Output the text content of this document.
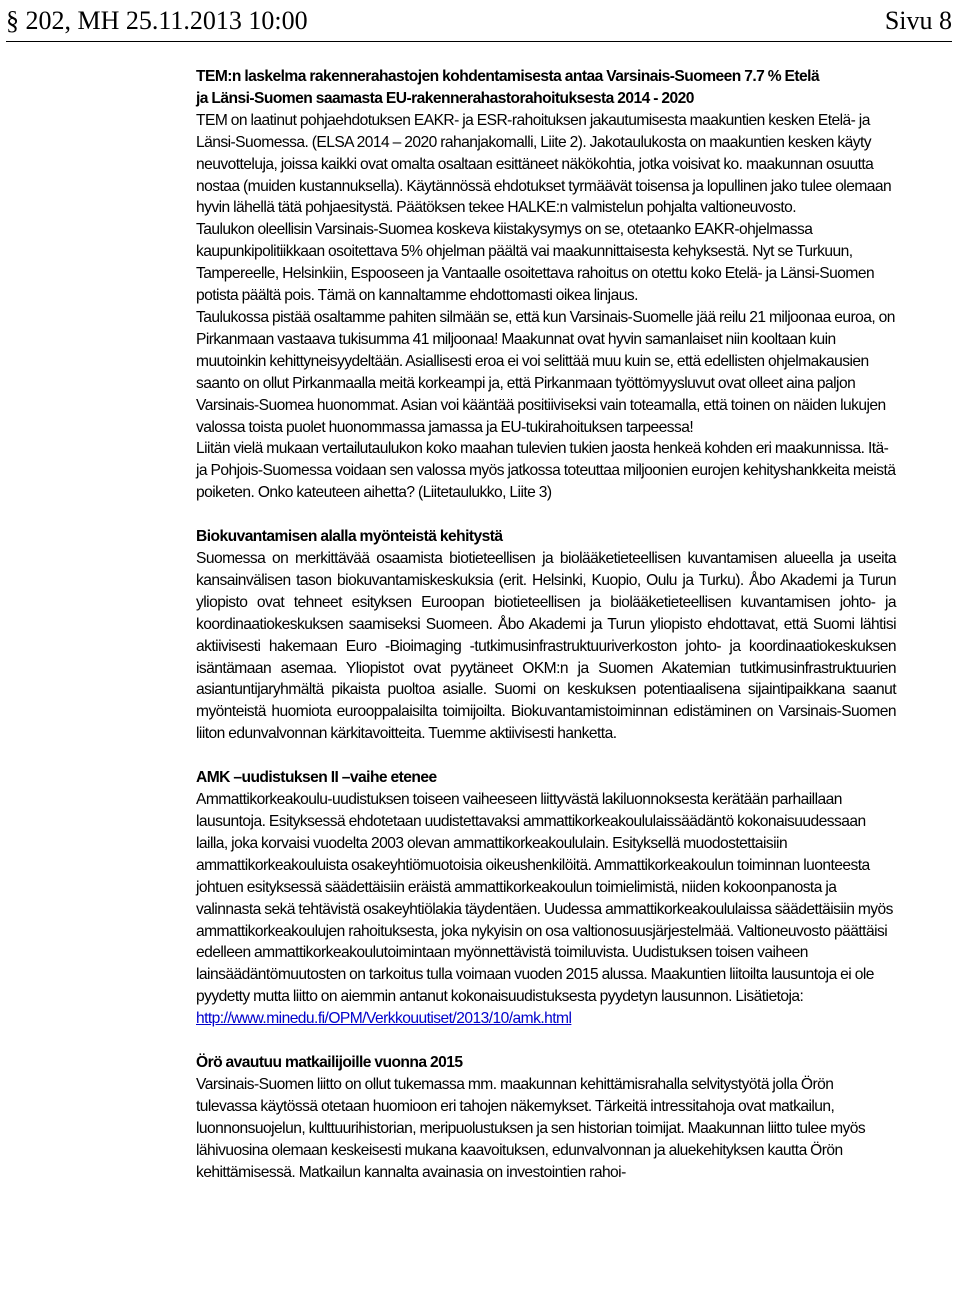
§ 202, MH 25.11.2013 10:00	Sivu 8

TEM:n laskelma rakennerahastojen kohdentamisesta antaa Varsinais-Suomeen 7.7 % Etelä

ja Länsi-Suomen saamasta EU-rakennerahastorahoituksesta 2014 - 2020

TEM on laatinut pohjaehdotuksen EAKR- ja ESR-rahoituksen jakautumisesta maakuntien kesken Etelä- ja Länsi-Suomessa. (ELSA 2014 – 2020 rahanjakomalli, Liite 2). Jakotaulukosta on maakuntien kesken käyty neuvotteluja, joissa kaikki ovat omalta osaltaan esittäneet näkökohtia, jotka voisivat ko. maakunnan osuutta nostaa (muiden kustannuksella). Käytännössä ehdotukset tyrmäävät toisensa ja lopullinen jako tulee olemaan hyvin lähellä tätä pohjaesitystä. Päätöksen tekee HALKE:n valmistelun pohjalta valtioneuvosto.

Taulukon oleellisin Varsinais-Suomea koskeva kiistakysymys on se, otetaanko EAKR-ohjelmassa kaupunkipolitiikkaan osoitettava 5% ohjelman päältä vai maakunnittaisesta kehyksestä. Nyt se Turkuun, Tampereelle, Helsinkiin, Espooseen ja Vantaalle osoitettava rahoitus on otettu koko Etelä- ja Länsi-Suomen potista päältä pois. Tämä on kannaltamme ehdottomasti oikea linjaus.

Taulukossa pistää osaltamme pahiten silmään se, että kun Varsinais-Suomelle jää reilu 21 miljoonaa euroa, on Pirkanmaan vastaava tukisumma 41 miljoonaa! Maakunnat ovat hyvin samanlaiset niin kooltaan kuin muutoinkin kehittyneisyydeltään. Asiallisesti eroa ei voi selittää muu kuin se, että edellisten ohjelmakausien saanto on ollut Pirkanmaalla meitä korkeampi ja, että Pirkanmaan työttömyysluvut ovat olleet aina paljon Varsinais-Suomea huonommat. Asian voi kääntää positiiviseksi vain toteamalla, että toinen on näiden lukujen valossa toista puolet huonommassa jamassa ja EU-tukirahoituksen tarpeessa!

Liitän vielä mukaan vertailutaulukon koko maahan tulevien tukien jaosta henkeä kohden eri maakunnissa. Itä- ja Pohjois-Suomessa voidaan sen valossa myös jatkossa toteuttaa miljoonien eurojen kehityshankkeita meistä poiketen. Onko kateuteen aihetta? (Liitetaulukko, Liite 3)

Biokuvantamisen alalla myönteistä kehitystä

Suomessa on merkittävää osaamista biotieteellisen ja biolääketieteellisen kuvantamisen alueella ja useita kansainvälisen tason biokuvantamiskeskuksia (erit. Helsinki, Kuopio, Oulu ja Turku). Åbo Akademi ja Turun yliopisto ovat tehneet esityksen Euroopan biotieteellisen ja biolääketieteellisen kuvantamisen johto- ja koordinaatiokeskuksen saamiseksi Suomeen. Åbo Akademi ja Turun yliopisto ehdottavat, että Suomi lähtisi aktiivisesti hakemaan Euro -Bioimaging -tutkimusinfrastruktuuriverkoston johto- ja koordinaatiokeskuksen isäntämaan asemaa. Yliopistot ovat pyytäneet OKM:n ja Suomen Akatemian tutkimusinfrastruktuurien asiantuntijaryhmältä pikaista puoltoa asialle. Suomi on keskuksen potentiaalisena sijaintipaikkana saanut myönteistä huomiota eurooppalaisilta toimijoilta. Biokuvantamistoiminnan edistäminen on Varsinais-Suomen liiton edunvalvonnan kärkitavoitteita. Tuemme aktiivisesti hanketta.

AMK –uudistuksen II –vaihe etenee

Ammattikorkeakoulu-uudistuksen toiseen vaiheeseen liittyvästä lakiluonnoksesta kerätään parhaillaan lausuntoja. Esityksessä ehdotetaan uudistettavaksi ammattikorkeakoululaissäädäntö kokonaisuudessaan lailla, joka korvaisi vuodelta 2003 olevan ammattikorkeakoululain. Esityksellä muodostettaisiin ammattikorkeakouluista osakeyhtiömuotoisia oikeushenkilöitä. Ammattikorkeakoulun toiminnan luonteesta johtuen esityksessä säädettäisiin eräistä ammattikorkeakoulun toimielimistä, niiden kokoonpanosta ja valinnasta sekä tehtävistä osakeyhtiölakia täydentäen. Uudessa ammattikorkeakoululaissa säädettäisiin myös ammattikorkeakoulujen rahoituksesta, joka nykyisin on osa valtionosuusjärjestelmää. Valtioneuvosto päättäisi edelleen ammattikorkeakoulutoimintaan myönnettävistä toimiluvista. Uudistuksen toisen vaiheen lainsäädäntömuutosten on tarkoitus tulla voimaan vuoden 2015 alussa. Maakuntien liitoilta lausuntoja ei ole pyydetty mutta liitto on aiemmin antanut kokonaisuudistuksesta pyydetyn lausunnon. Lisätietoja:

http://www.minedu.fi/OPM/Verkkouutiset/2013/10/amk.html

Örö avautuu matkailijoille vuonna 2015

Varsinais-Suomen liitto on ollut tukemassa mm. maakunnan kehittämisrahalla selvitystyötä jolla Örön tulevassa käytössä otetaan huomioon eri tahojen näkemykset. Tärkeitä intressitahoja ovat matkailun, luonnonsuojelun, kulttuurihistorian, meripuolustuksen ja sen historian toimijat. Maakunnan liitto tulee myös lähivuosina olemaan keskeisesti mukana kaavoituksen, edunvalvonnan ja aluekehityksen kautta Örön kehittämisessä. Matkailun kannalta avainasia on investointien rahoi-
